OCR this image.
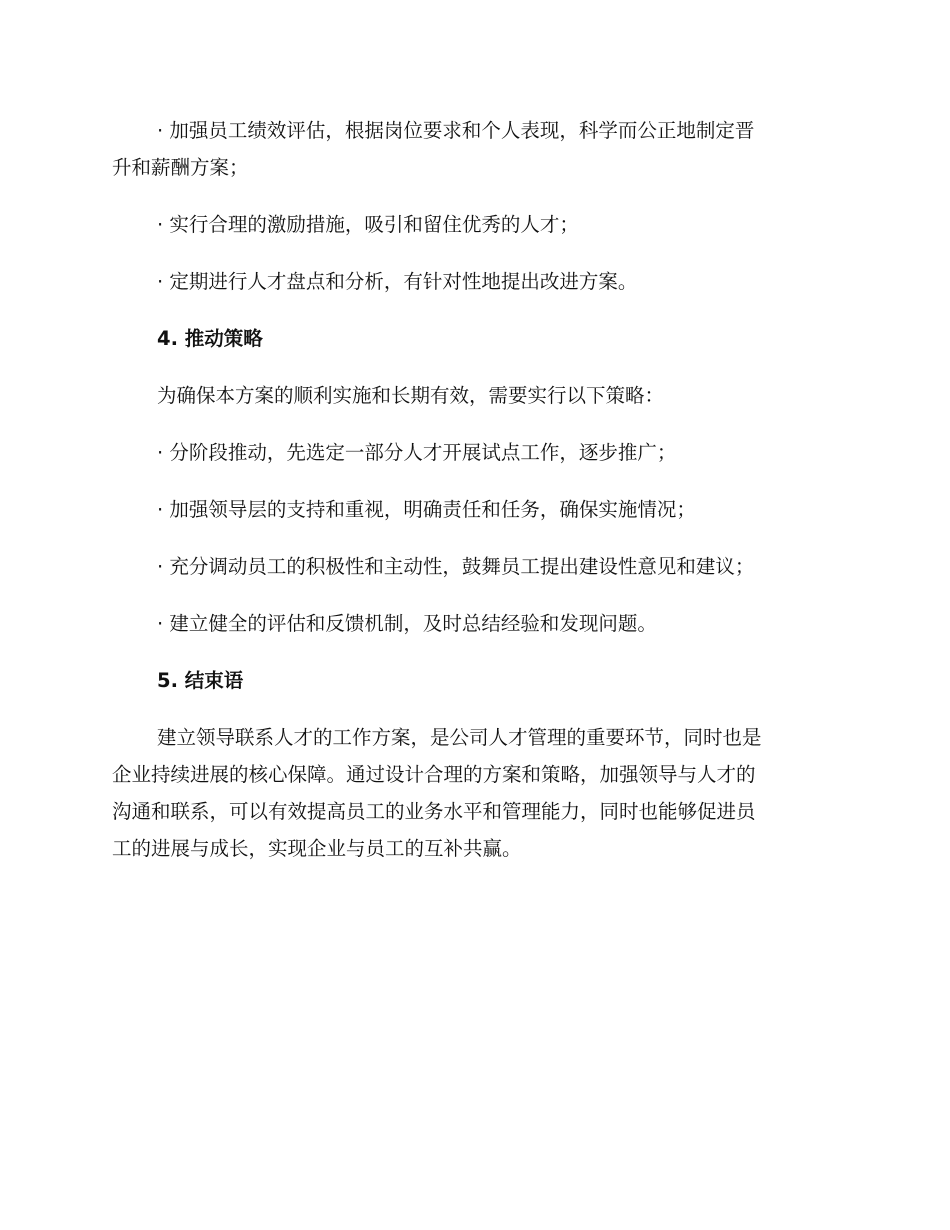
· 加强员工绩效评估，根据岗位要求和个人表现，科学而公正地制定晋

升和薪酬方案；

· 实行合理的激励措施，吸引和留住优秀的人才；

· 定期进行人才盘点和分析，有针对性地提出改进方案。

4. 推动策略

为确保本方案的顺利实施和长期有效，需要实行以下策略：

· 分阶段推动，先选定一部分人才开展试点工作，逐步推广；

· 加强领导层的支持和重视，明确责任和任务，确保实施情况；

· 充分调动员工的积极性和主动性，鼓舞员工提出建设性意见和建议；

· 建立健全的评估和反馈机制，及时总结经验和发现问题。

5. 结束语

建立领导联系人才的工作方案，是公司人才管理的重要环节，同时也是

企业持续进展的核心保障。通过设计合理的方案和策略，加强领导与人才的

沟通和联系，可以有效提高员工的业务水平和管理能力，同时也能够促进员

工的进展与成长，实现企业与员工的互补共赢。
